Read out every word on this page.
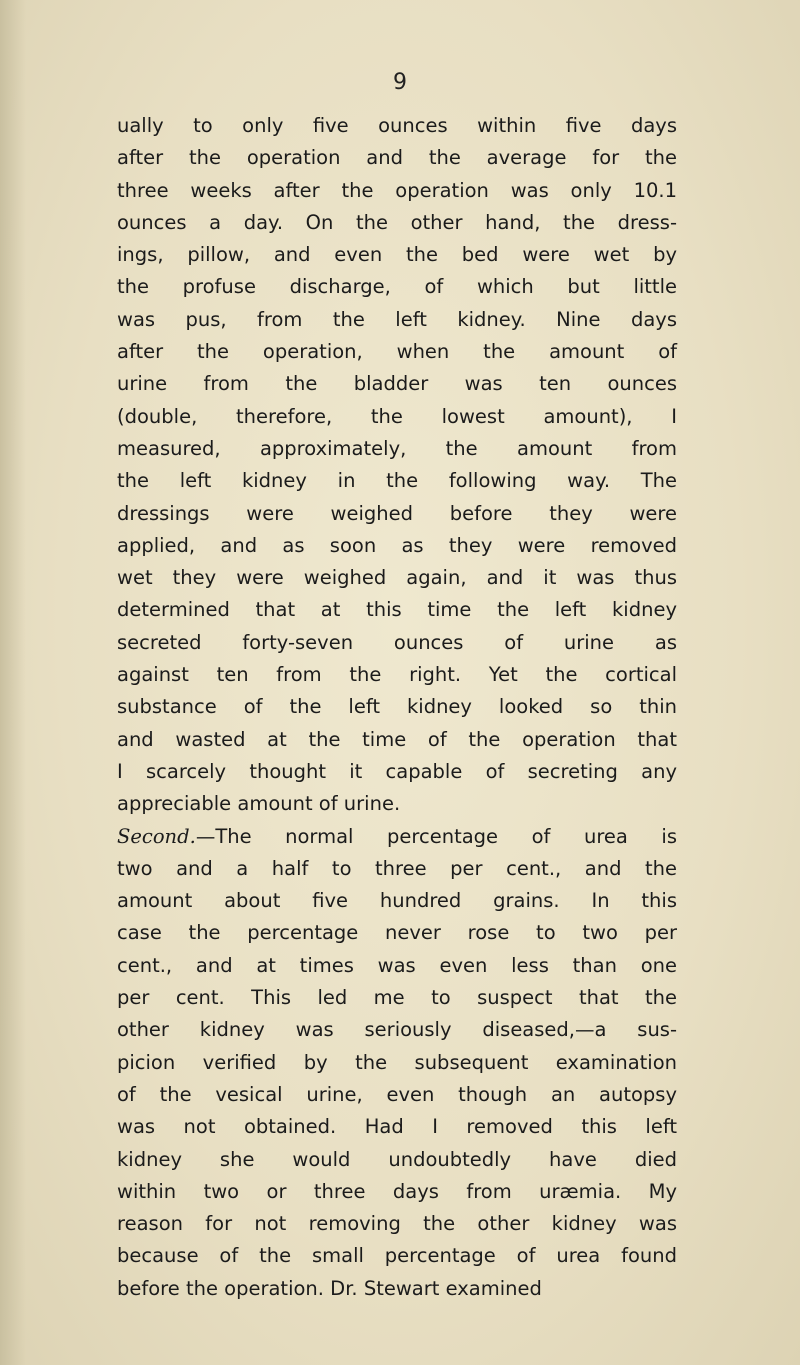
9
ually to only five ounces within five days
after the operation and the average for the
three weeks after the operation was only 10.1
ounces a day. On the other hand, the dress-
ings, pillow, and even the bed were wet by
the profuse discharge, of which but little
was pus, from the left kidney. Nine days
after the operation, when the amount of
urine from the bladder was ten ounces
(double, therefore, the lowest amount), I
measured, approximately, the amount from
the left kidney in the following way. The
dressings were weighed before they were
applied, and as soon as they were removed
wet they were weighed again, and it was thus
determined that at this time the left kidney
secreted forty-seven ounces of urine as
against ten from the right. Yet the cortical
substance of the left kidney looked so thin
and wasted at the time of the operation that
I scarcely thought it capable of secreting any
appreciable amount of urine.
Second.—The normal percentage of urea is
two and a half to three per cent., and the
amount about five hundred grains. In this
case the percentage never rose to two per
cent., and at times was even less than one
per cent. This led me to suspect that the
other kidney was seriously diseased,—a sus-
picion verified by the subsequent examination
of the vesical urine, even though an autopsy
was not obtained. Had I removed this left
kidney she would undoubtedly have died
within two or three days from uræmia. My
reason for not removing the other kidney was
because of the small percentage of urea found
before the operation. Dr. Stewart examined
